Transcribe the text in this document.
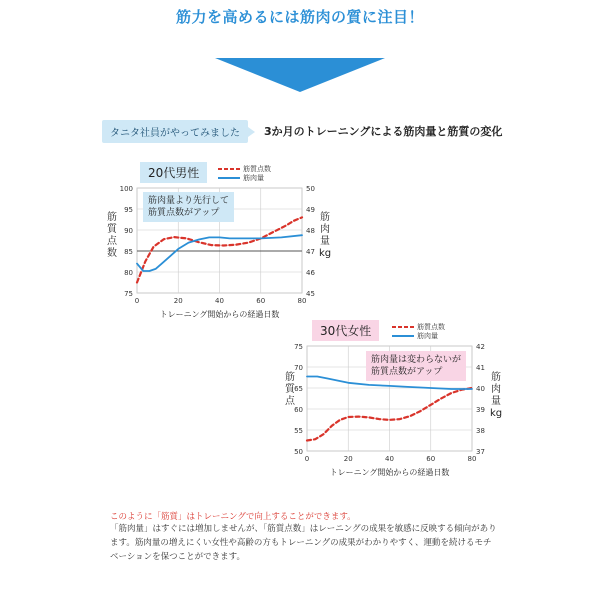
筋力を高めるには筋肉の質に注目！
タニタ社員がやってみました	3か月のトレーニングによる筋肉量と筋質の変化
20代男性	筋質点数
筋肉量
75
80
85
90
95
100
45
46
47
48
49
50
0	20	40	60	80
トレーニング開始からの経過日数
筋肉量より先行して
筋質点数がアップ
筋
質
点
数
筋
肉
量
kg
30代女性	筋質点数
筋肉量
50
55
60
65
70
75
37
38
39
40
41
42
0	20	40	60	80
トレーニング開始からの経過日数
筋肉量は変わらないが
筋質点数がアップ
筋
質
点
筋
肉
量
kg
このように「筋質」はトレーニングで向上することができます。
「筋肉量」はすぐには増加しませんが、「筋質点数」はレーニングの成果を敏感に反映する傾向があり
ます。筋肉量の増えにくい女性や高齢の方もトレーニングの成果がわかりやすく、運動を続けるモチ
ベーションを保つことができます。
